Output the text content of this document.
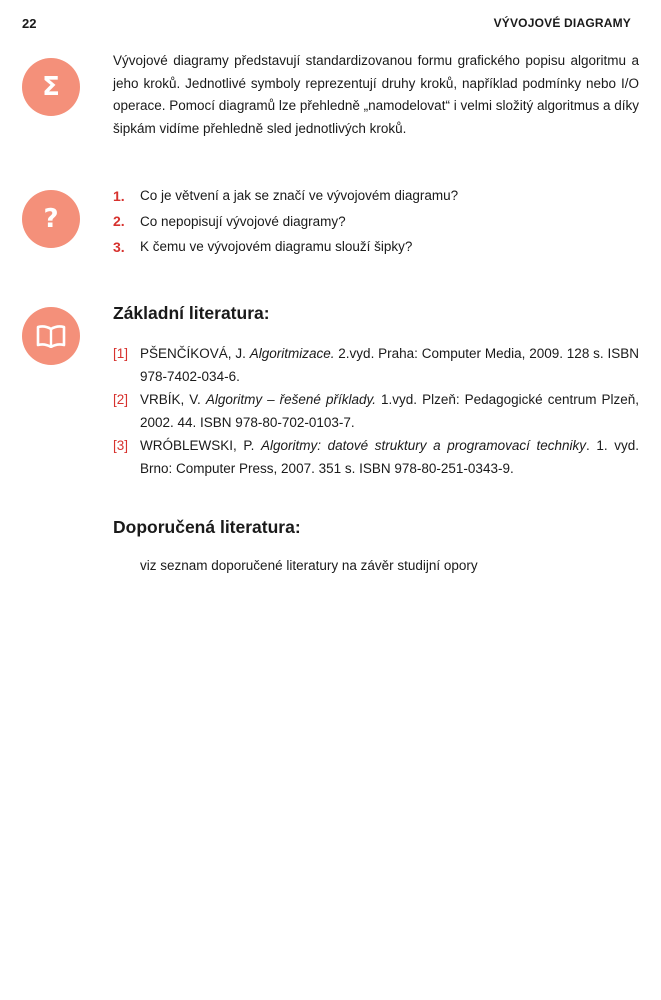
22	VÝVOJOVÉ DIAGRAMY
Σ
Vývojové diagramy představují standardizovanou formu grafického popisu algoritmu a jeho kroků. Jednotlivé symboly reprezentují druhy kroků, například podmínky nebo I/O operace. Pomocí diagramů lze přehledně „namodelovat“ i velmi složitý algoritmus a díky šipkám vidíme přehledně sled jednotlivých kroků.
?
1.	Co je větvení a jak se značí ve vývojovém diagramu?
2.	Co nepopisují vývojové diagramy?
3.	K čemu ve vývojovém diagramu slouží šipky?
Základní literatura:
[1] PŠENČÍKOVÁ, J. Algoritmizace. 2.vyd. Praha: Computer Media, 2009. 128 s. ISBN 978-7402-034-6.
[2] VRBÍK, V. Algoritmy – řešené příklady. 1.vyd. Plzeň: Pedagogické centrum Plzeň, 2002. 44. ISBN 978-80-702-0103-7.
[3] WRÓBLEWSKI, P. Algoritmy: datové struktury a programovací techniky. 1. vyd. Brno: Computer Press, 2007. 351 s. ISBN 978-80-251-0343-9.
Doporučená literatura:
viz seznam doporučené literatury na závěr studijní opory
